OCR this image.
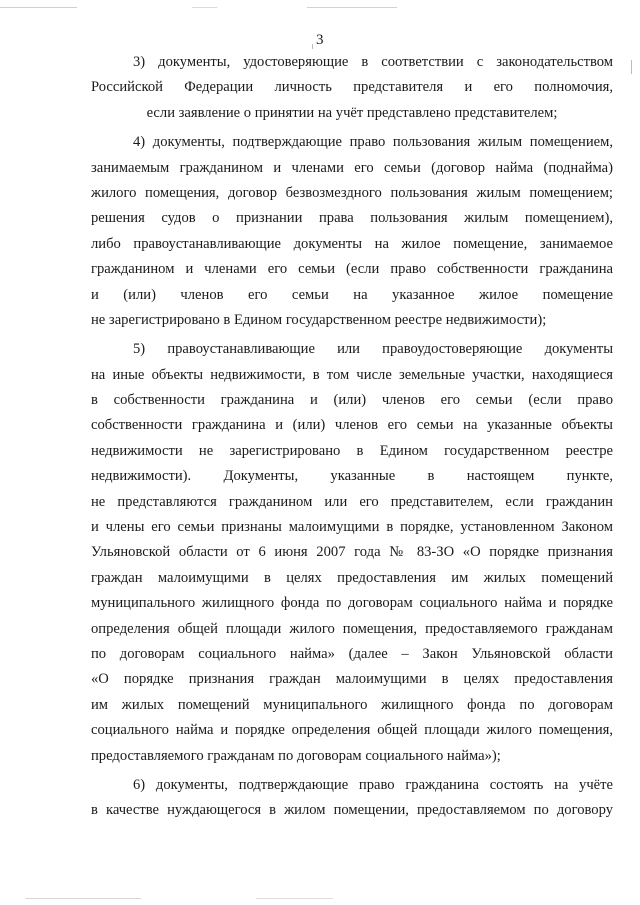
3
3) документы, удостоверяющие в соответствии с законодательством
Российской Федерации личность представителя и его полномочия,
если заявление о принятии на учёт представлено представителем;
4) документы, подтверждающие право пользования жилым помещением,
занимаемым гражданином и членами его семьи (договор найма (поднайма)
жилого помещения, договор безвозмездного пользования жилым помещением;
решения судов о признании права пользования жилым помещением),
либо правоустанавливающие документы на жилое помещение, занимаемое
гражданином и членами его семьи (если право собственности гражданина
и (или) членов его семьи на указанное жилое помещение
не зарегистрировано в Едином государственном реестре недвижимости);
5) правоустанавливающие или правоудостоверяющие документы
на иные объекты недвижимости, в том числе земельные участки, находящиеся
в собственности гражданина и (или) членов его семьи (если право
собственности гражданина и (или) членов его семьи на указанные объекты
недвижимости не зарегистрировано в Едином государственном реестре
недвижимости). Документы, указанные в настоящем пункте,
не представляются гражданином или его представителем, если гражданин
и члены его семьи признаны малоимущими в порядке, установленном Законом
Ульяновской области от 6 июня 2007 года № 83-ЗО «О порядке признания
граждан малоимущими в целях предоставления им жилых помещений
муниципального жилищного фонда по договорам социального найма и порядке
определения общей площади жилого помещения, предоставляемого гражданам
по договорам социального найма» (далее – Закон Ульяновской области
«О порядке признания граждан малоимущими в целях предоставления
им жилых помещений муниципального жилищного фонда по договорам
социального найма и порядке определения общей площади жилого помещения,
предоставляемого гражданам по договорам социального найма»);
6) документы, подтверждающие право гражданина состоять на учёте
в качестве нуждающегося в жилом помещении, предоставляемом по договору
